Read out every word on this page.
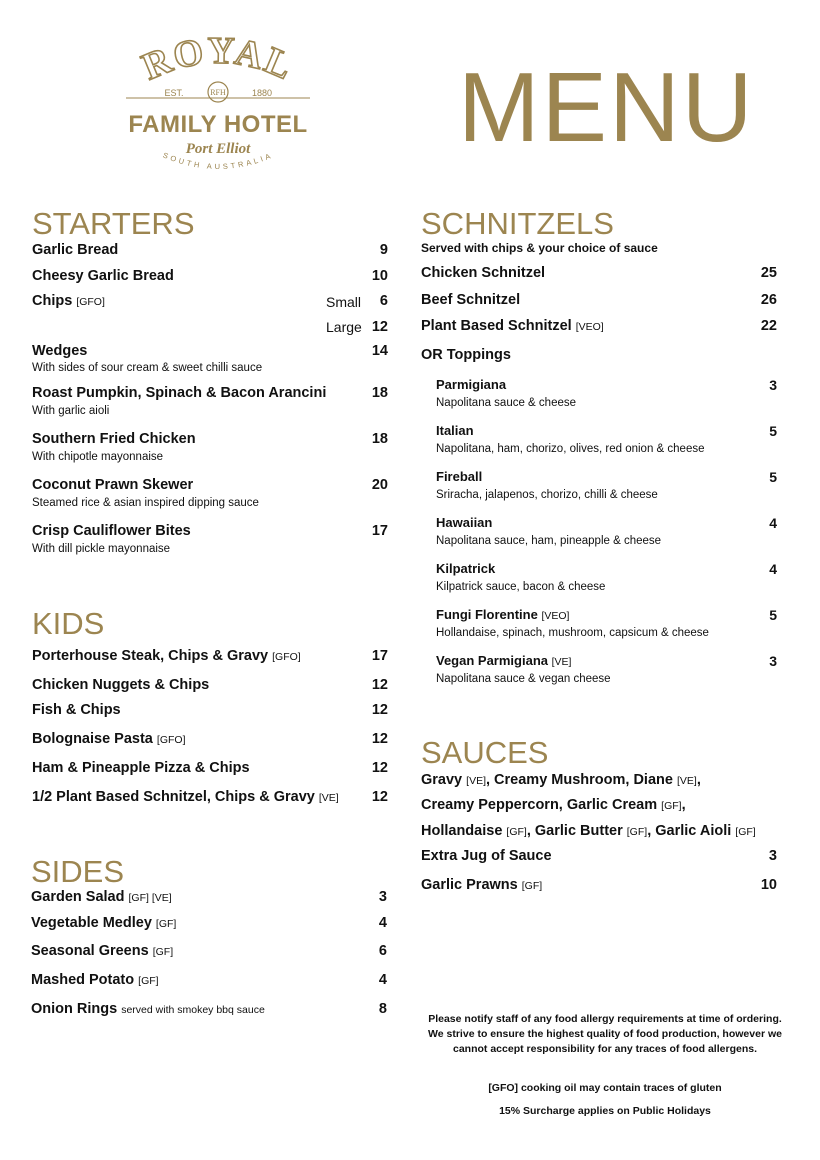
ROYAL
EST.	RFH	1880
FAMILY HOTEL
Port Elliot
SOUTH AUSTRALIA MENU
STARTERS
Garlic Bread	9
Cheesy Garlic Bread	10
Chips [GFO]	Small	6
Large 12
Wedges	14
With sides of sour cream & sweet chilli sauce
Roast Pumpkin, Spinach & Bacon Arancini	18
With garlic aioli
Southern Fried Chicken	18
With chipotle mayonnaise
Coconut Prawn Skewer	20
Steamed rice & asian inspired dipping sauce
Crisp Cauliflower Bites	17
With dill pickle mayonnaise
KIDS
Porterhouse Steak, Chips & Gravy [GFO]	17
Chicken Nuggets & Chips	12
Fish & Chips	12
Bolognaise Pasta [GFO]	12
Ham & Pineapple Pizza & Chips	12
1/2 Plant Based Schnitzel, Chips & Gravy [VE]	12
SIDES
Garden Salad [GF] [VE]	3
Vegetable Medley [GF]	4
Seasonal Greens [GF]	6
Mashed Potato [GF]	4
Onion Rings served with smokey bbq sauce	8
SCHNITZELS
Served with chips & your choice of sauce
Chicken Schnitzel	25
Beef Schnitzel	26
Plant Based Schnitzel [VEO]	22
OR Toppings
Parmigiana	3
Napolitana sauce & cheese
Italian	5
Napolitana, ham, chorizo, olives, red onion & cheese
Fireball	5
Sriracha, jalapenos, chorizo, chilli & cheese
Hawaiian	4
Napolitana sauce, ham, pineapple & cheese
Kilpatrick	4
Kilpatrick sauce, bacon & cheese
Fungi Florentine [VEO]	5
Hollandaise, spinach, mushroom, capsicum & cheese
Vegan Parmigiana [VE]	3
Napolitana sauce & vegan cheese
SAUCES
Gravy [VE], Creamy Mushroom, Diane [VE],
Creamy Peppercorn, Garlic Cream [GF],
Hollandaise [GF], Garlic Butter [GF], Garlic Aioli [GF]
Extra Jug of Sauce	3
Garlic Prawns [GF]	10
Please notify staff of any food allergy requirements at time of ordering. We strive to ensure the highest quality of food production, however we cannot accept responsibility for any traces of food allergens.
[GFO] cooking oil may contain traces of gluten
15% Surcharge applies on Public Holidays
